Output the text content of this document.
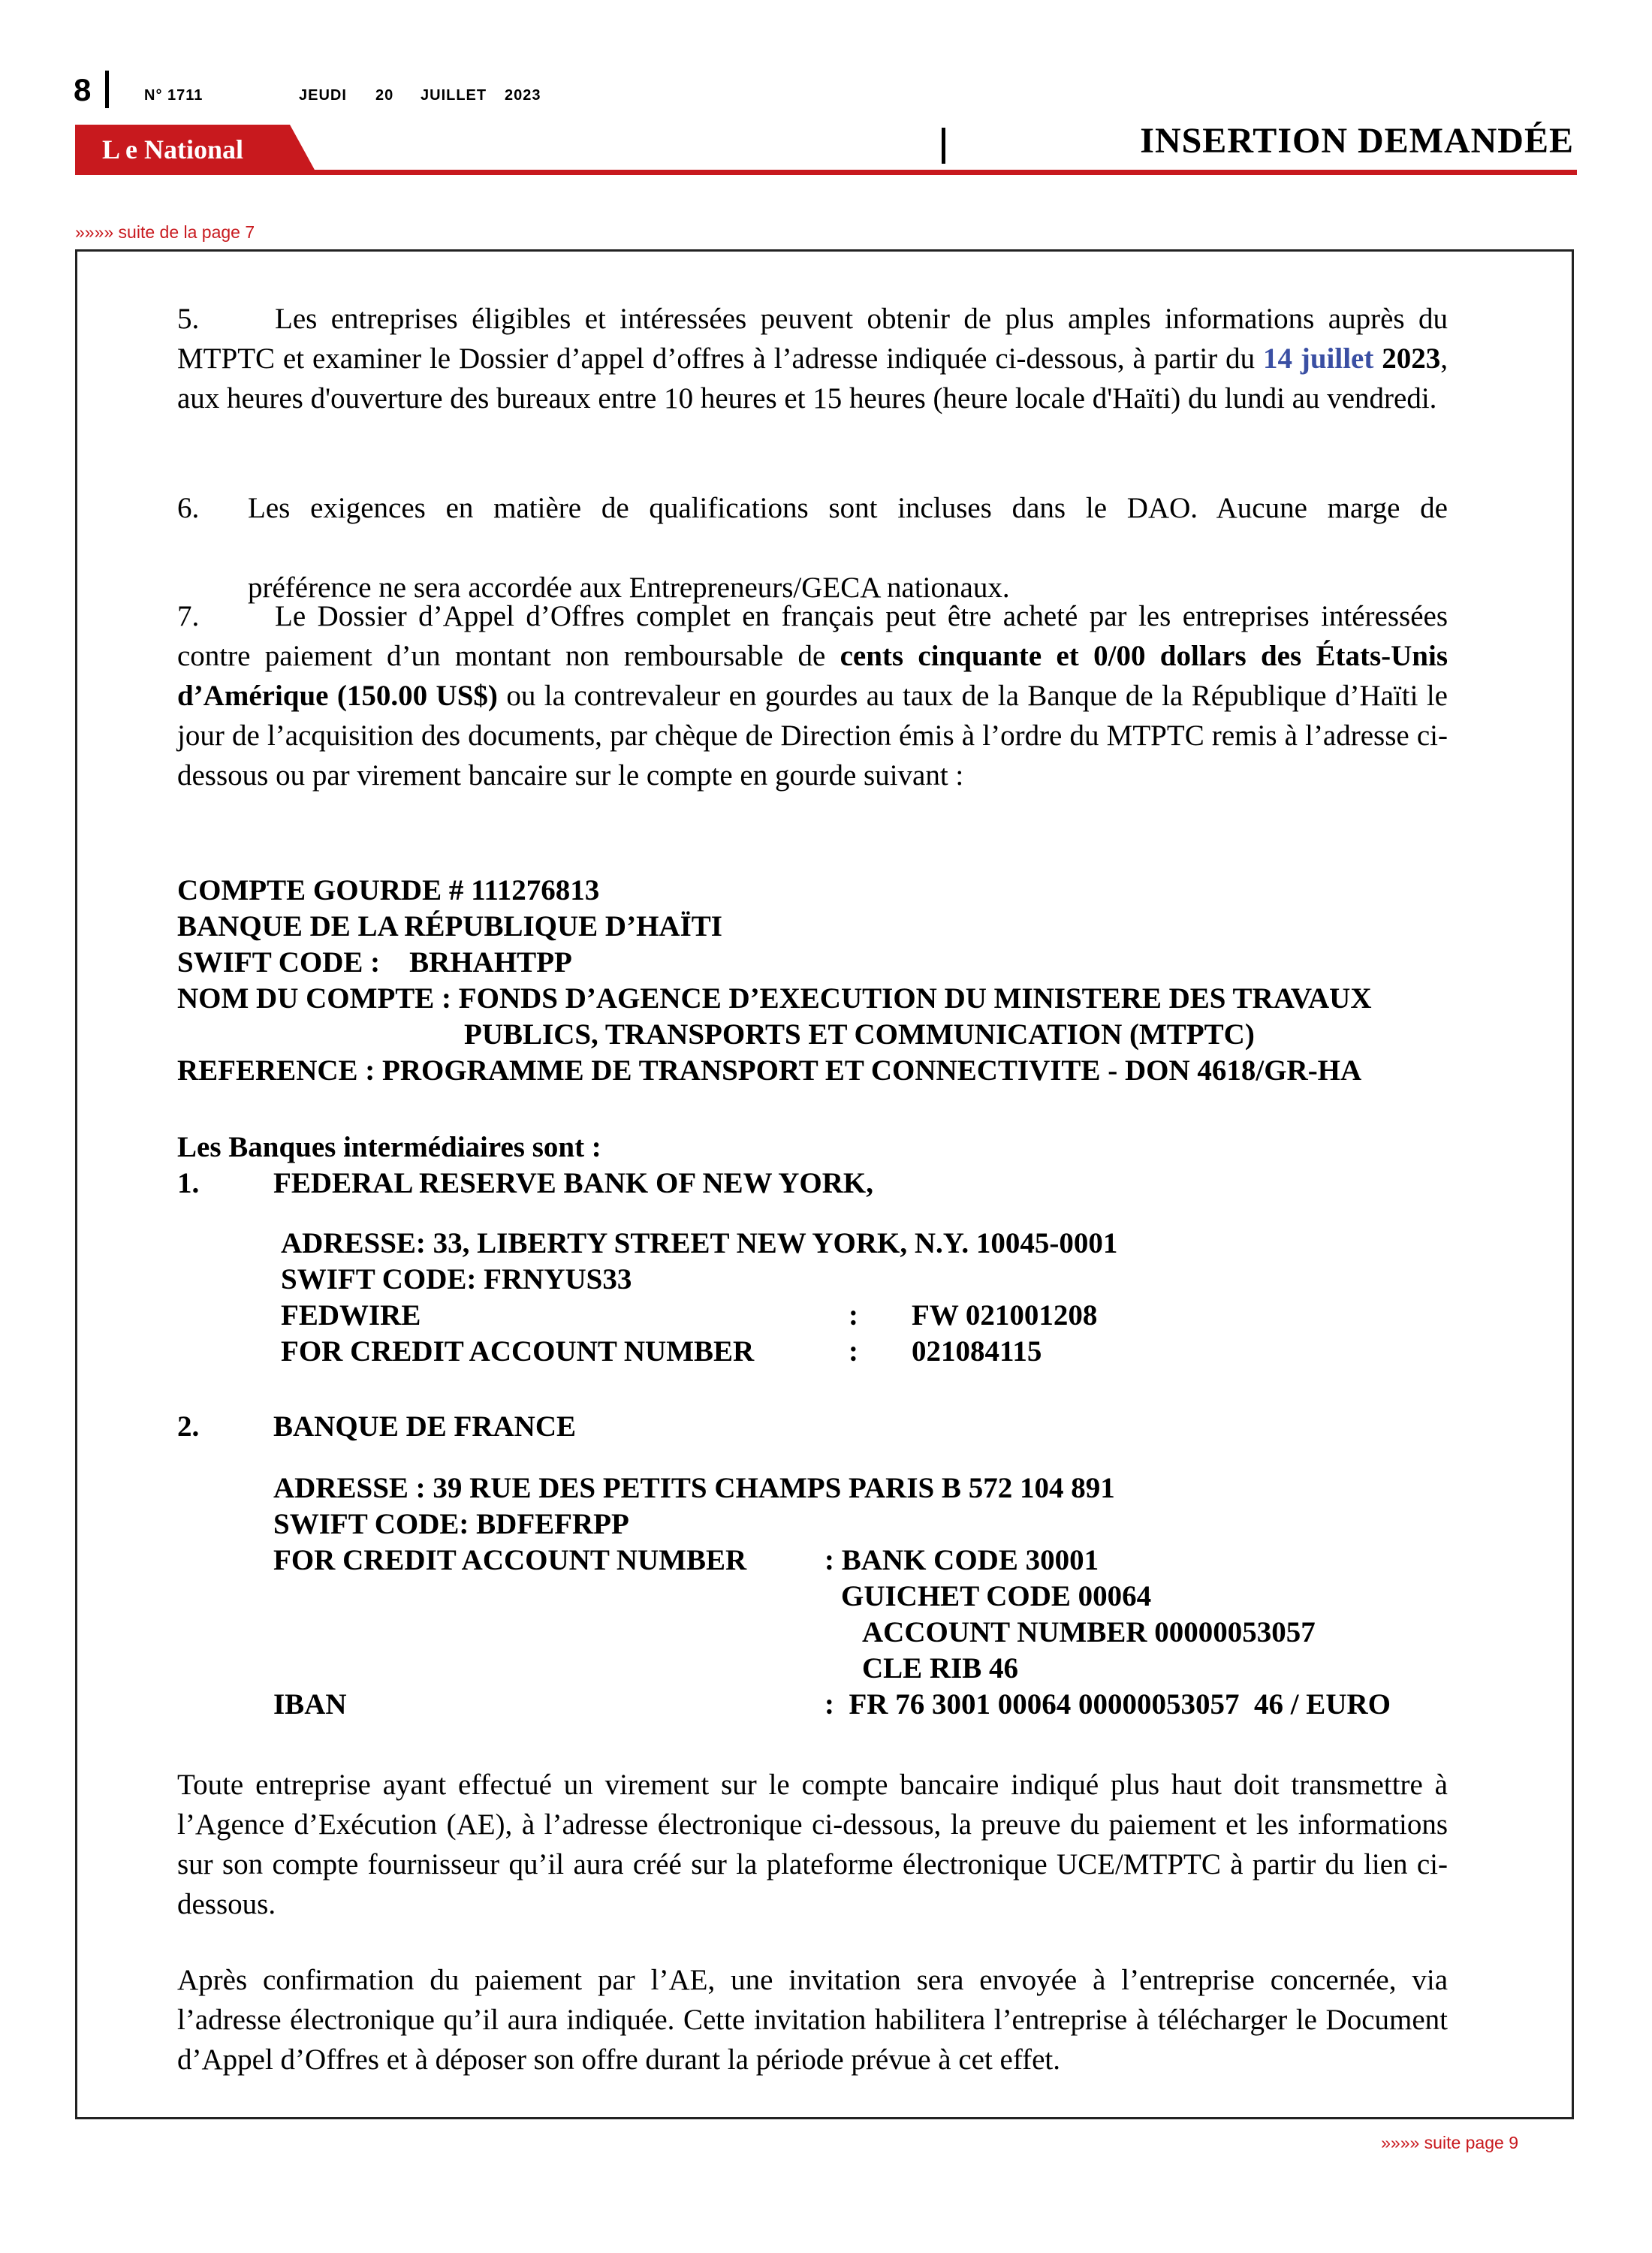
8	N° 1711	JEUDI 20 JUILLET 2023
L e National	INSERTION DEMANDÉE
»»»» suite de la page 7

5.	Les entreprises éligibles et intéressées peuvent obtenir de plus amples informations auprès du MTPTC et examiner le Dossier d’appel d’offres à l’adresse indiquée ci-dessous, à partir du 14 juillet 2023, aux heures d'ouverture des bureaux entre 10 heures et 15 heures (heure locale d'Haïti) du lundi au vendredi.

6.	Les exigences en matière de qualifications sont incluses dans le DAO. Aucune marge de

préférence ne sera accordée aux Entrepreneurs/GECA nationaux.

7.	Le Dossier d’Appel d’Offres complet en français peut être acheté par les entreprises intéressées contre paiement d’un montant non remboursable de cents cinquante et 0/00 dollars des États-Unis d’Amérique (150.00 US$) ou la contrevaleur en gourdes au taux de la Banque de la République d’Haïti le jour de l’acquisition des documents, par chèque de Direction émis à l’ordre du MTPTC remis à l’adresse ci-dessous ou par virement bancaire sur le compte en gourde suivant :

COMPTE GOURDE # 111276813
BANQUE DE LA RÉPUBLIQUE D’HAÏTI
SWIFT CODE :    BRHAHTPP
NOM DU COMPTE : FONDS D’AGENCE D’EXECUTION DU MINISTERE DES TRAVAUX
PUBLICS, TRANSPORTS ET COMMUNICATION (MTPTC)
REFERENCE : PROGRAMME DE TRANSPORT ET CONNECTIVITE - DON 4618/GR-HA
Les Banques intermédiaires sont :
1.	FEDERAL RESERVE BANK OF NEW YORK,
ADRESSE: 33, LIBERTY STREET NEW YORK, N.Y. 10045-0001
SWIFT CODE: FRNYUS33
FEDWIRE	: FW 021001208
FOR CREDIT ACCOUNT NUMBER	: 021084115
2.	BANQUE DE FRANCE
ADRESSE : 39 RUE DES PETITS CHAMPS PARIS B 572 104 891
SWIFT CODE: BDFEFRPP
FOR CREDIT ACCOUNT NUMBER	: BANK CODE 30001
GUICHET CODE 00064
ACCOUNT NUMBER 00000053057
CLE RIB 46
IBAN	:  FR 76 3001 00064 00000053057  46 / EURO

Toute entreprise ayant effectué un virement sur le compte bancaire indiqué plus haut doit transmettre à l’Agence d’Exécution (AE), à l’adresse électronique ci-dessous, la preuve du paiement et les informations sur son compte fournisseur qu’il aura créé sur la plateforme électronique UCE/MTPTC à partir du lien ci-dessous.

Après confirmation du paiement par l’AE, une invitation sera envoyée à l’entreprise concernée, via l’adresse électronique qu’il aura indiquée. Cette invitation habilitera l’entreprise à télécharger le Document d’Appel d’Offres et à déposer son offre durant la période prévue à cet effet.

»»»» suite page 9
